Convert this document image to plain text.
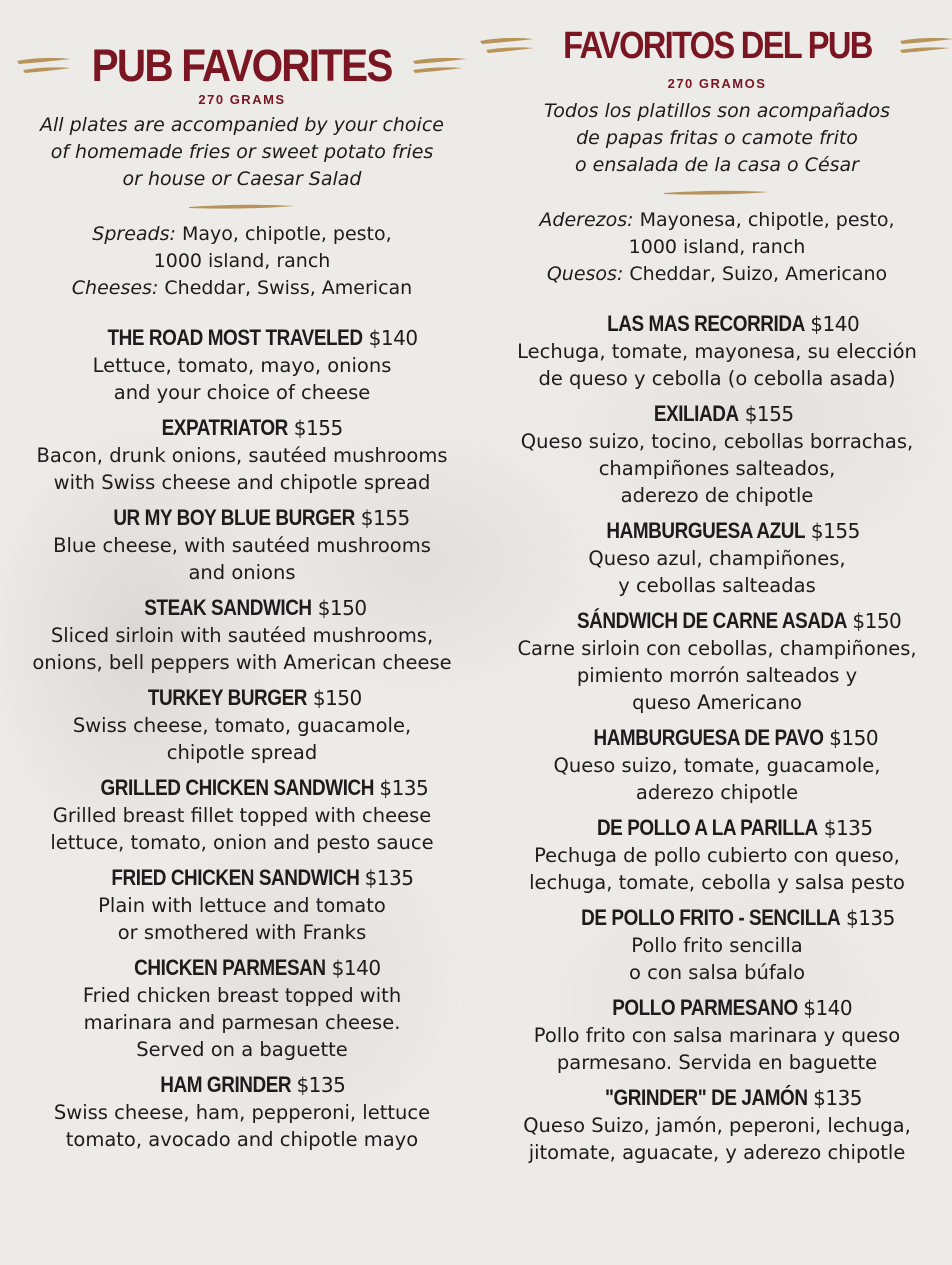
PUB FAVORITES
270 GRAMS
All plates are accompanied by your choice
of homemade fries or sweet potato fries
or house or Caesar Salad
Spreads: Mayo, chipotle, pesto,
1000 island, ranch
Cheeses: Cheddar, Swiss, American
THE ROAD MOST TRAVELED $140
Lettuce, tomato, mayo, onions
and your choice of cheese
EXPATRIATOR $155
Bacon, drunk onions, sautéed mushrooms
with Swiss cheese and chipotle spread
UR MY BOY BLUE BURGER $155
Blue cheese, with sautéed mushrooms
and onions
STEAK SANDWICH $150
Sliced sirloin with sautéed mushrooms,
onions, bell peppers with American cheese
TURKEY BURGER $150
Swiss cheese, tomato, guacamole,
chipotle spread
GRILLED CHICKEN SANDWICH $135
Grilled breast fillet topped with cheese
lettuce, tomato, onion and pesto sauce
FRIED CHICKEN SANDWICH $135
Plain with lettuce and tomato
or smothered with Franks
CHICKEN PARMESAN $140
Fried chicken breast topped with
marinara and parmesan cheese.
Served on a baguette
HAM GRINDER $135
Swiss cheese, ham, pepperoni, lettuce
tomato, avocado and chipotle mayo
FAVORITOS DEL PUB
270 GRAMOS
Todos los platillos son acompañados
de papas fritas o camote frito
o ensalada de la casa o César
Aderezos: Mayonesa, chipotle, pesto,
1000 island, ranch
Quesos: Cheddar, Suizo, Americano
LAS MAS RECORRIDA $140
Lechuga, tomate, mayonesa, su elección
de queso y cebolla (o cebolla asada)
EXILIADA $155
Queso suizo, tocino, cebollas borrachas,
champiñones salteados,
aderezo de chipotle
HAMBURGUESA AZUL $155
Queso azul, champiñones,
y cebollas salteadas
SÁNDWICH DE CARNE ASADA $150
Carne sirloin con cebollas, champiñones,
pimiento morrón salteados y
queso Americano
HAMBURGUESA DE PAVO $150
Queso suizo, tomate, guacamole,
aderezo chipotle
DE POLLO A LA PARILLA $135
Pechuga de pollo cubierto con queso,
lechuga, tomate, cebolla y salsa pesto
DE POLLO FRITO - SENCILLA $135
Pollo frito sencilla
o con salsa búfalo
POLLO PARMESANO $140
Pollo frito con salsa marinara y queso
parmesano. Servida en baguette
"GRINDER" DE JAMÓN $135
Queso Suizo, jamón, peperoni, lechuga,
jitomate, aguacate, y aderezo chipotle
